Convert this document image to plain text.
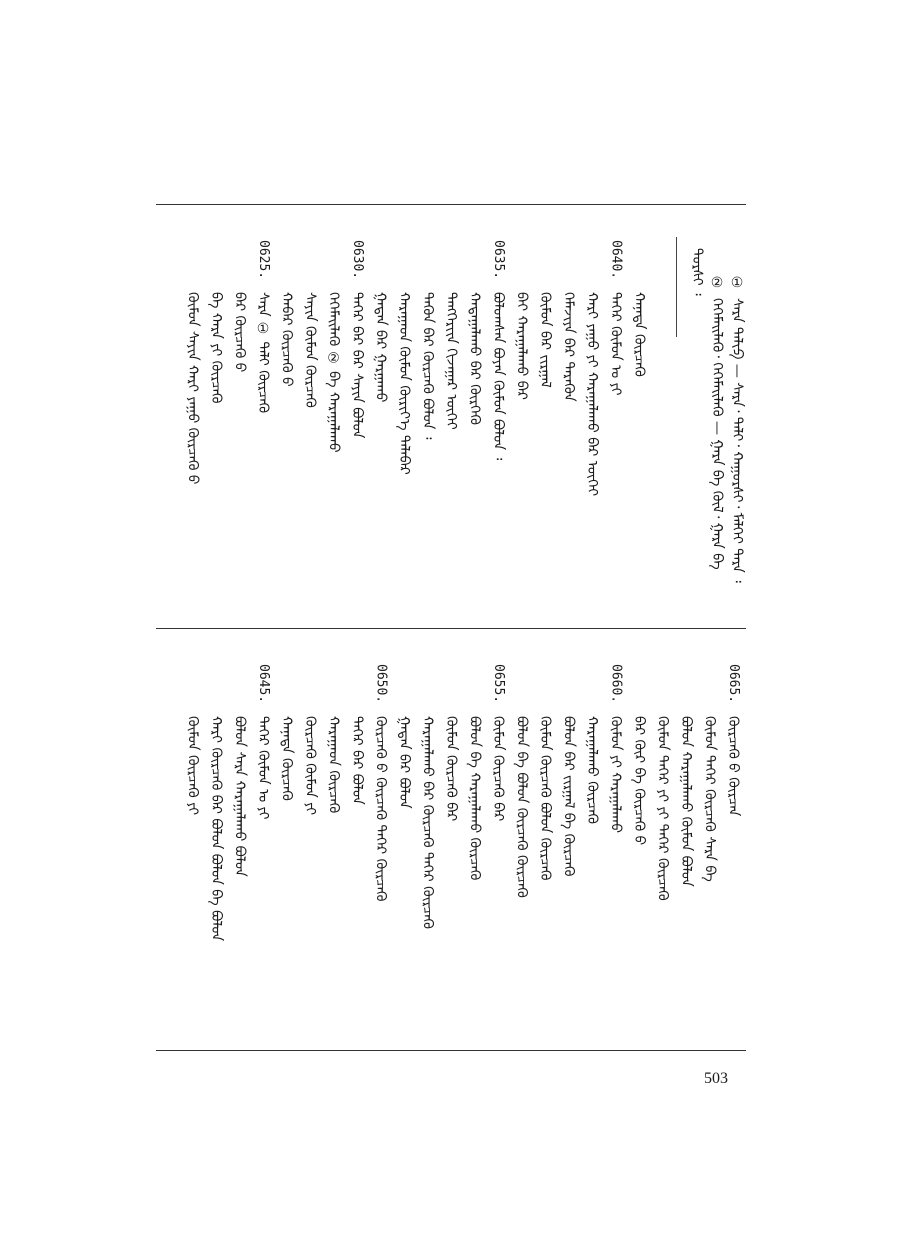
①
ᠰᠠᠷᠠ ᠲᠠᠯᠢᠫ — ᠰᠠᠷᠠ᠂ ᠲᠠᠯᠢ᠂ ᠬᠠᠭᠤᠷᠰᠢ᠂ ᠮᠡᠯᠬᠡᠢ ᠲᠡᠷᠡ ᠄
②
ᠬᠡᠭᠡᠮᠡᠢᠯᠡᠬᠦ᠂ ᠬᠡᠭᠡᠮᠡᠢᠯᠡᠬᠦ — ᠭᠠᠷᠠ ᠪᠠ ᠬᠦᠯ᠂ ᠭᠠᠷᠠ ᠪᠠ
ᠳᠤᠷᠰᠢ ᠄
ᠬᠠᠨᠠᠳᠠ ᠬᠦᠷᠴᠡᠬᠦ
0640.
ᠲᠡᠭᠡᠷ ᠬᠦᠮᠦᠨ ᠤ ᠶᠢ
ᠬᠠᠷᠢ ᠶᠠᠭᠤ ᠶᠢ ᠬᠠᠷᠠᠭᠠᠯᠠᠬᠤ ᠪᠠᠷ ᠦᠭᠡᠢ
ᠬᠡᠮᠡᠵᠢᠶᠡ ᠪᠡᠷ ᠲᠡᠷᠡᠭᠦᠨ
ᠬᠦᠮᠦᠨ ᠪᠡᠷ ᠵᠢᠷᠭᠠᠯ
ᠪᠠᠢ ᠬᠠᠷᠠᠭᠠᠯᠠᠬᠤ ᠪᠡᠷ
0635.
ᠪᠣᠯᠤᠭᠰᠠᠨ ᠪᠤᠶᠠᠨ ᠬᠦᠮᠦᠨ ᠪᠣᠯᠤᠨ ᠄
ᠬᠠᠳᠠᠭᠠᠯᠠᠬᠤ ᠪᠡᠷ ᠬᠦᠷᠭᠡᠬᠦ
ᠲᠡᠩᠭᠡᠷᠢᠢᠨ ᠬᠢᠵᠠᠭᠠᠷ ᠦᠭᠡᠢ
ᠲᠡᠭᠦᠨ ᠪᠡᠷ ᠬᠦᠷᠴᠡᠬᠦ ᠪᠣᠯᠤᠨ ᠄
ᠬᠠᠷᠠᠭᠠᠳ ᠬᠦᠮᠦᠨ ᠬᠦᠷᠢᠶ᠎ᠡ ᠲᠠᠯᠠᠪᠠᠷ
ᠭᠠᠳᠠᠨ ᠪᠡᠷ ᠭᠠᠷᠭᠠᠬᠤ
0630.
ᠲᠡᠭᠡᠷ ᠪᠡᠷ ᠪᠡᠷ ᠰᠠᠶᠢᠨ ᠪᠣᠯᠤᠨ
ᠬᠡᠭᠡᠮᠡᠢᠯᠡᠬᠦ ② ᠪᠠ ᠬᠠᠷᠠᠭᠠᠯᠠᠬᠤ
ᠰᠠᠶᠢᠨ ᠬᠦᠮᠦᠨ ᠬᠦᠷᠴᠡᠬᠦ
ᠬᠠᠪᠠᠷ ᠬᠦᠷᠴᠡᠬᠦ ᠪ
0625.
ᠰᠠᠷᠠ ① ᠲᠠᠯᠢ ᠬᠦᠷᠴᠡᠬᠦ
ᠪᠠᠷ ᠬᠦᠷᠴᠡᠬᠦ ᠪ
ᠪᠠ ᠬᠠᠷᠠ ᠶᠢ ᠬᠦᠷᠴᠡᠬᠦ
ᠬᠦᠮᠦᠨ ᠰᠠᠶᠢᠨ ᠬᠠᠷᠢ ᠶᠠᠭᠤ ᠬᠦᠷᠴᠡᠬᠦ ᠪ
0665.
ᠬᠦᠷᠴᠡᠬᠦ ᠪ ᠬᠦᠷᠴᠡᠨ
ᠬᠦᠮᠦᠨ ᠲᠡᠭᠡᠷ ᠬᠦᠷᠴᠡᠬᠦ ᠰᠠᠷᠠ ᠪᠠ
ᠪᠣᠯᠤᠨ ᠬᠠᠷᠠᠭᠠᠯᠠᠬᠤ ᠬᠦᠮᠦᠨ ᠪᠣᠯᠤᠨ
ᠬᠦᠮᠦᠨ ᠲᠡᠭᠡᠷ ᠶᠢ ᠶᠢ ᠲᠡᠭᠡᠷ ᠬᠦᠷᠴᠡᠬᠦ
ᠪᠠᠷ ᠬᠦᠷ ᠪᠠ ᠬᠦᠷᠴᠡᠬᠦ ᠪ
0660.
ᠬᠦᠮᠦᠨ ᠶᠢ ᠬᠠᠷᠠᠭᠠᠯᠠᠬᠤ
ᠬᠠᠷᠠᠭᠠᠯᠠᠬᠤ ᠬᠦᠷᠴᠡᠬᠦ
ᠪᠣᠯᠤᠨ ᠪᠡᠷ ᠵᠢᠷᠭᠠᠯ ᠪᠠ ᠬᠦᠷᠴᠡᠬᠦ
ᠬᠦᠮᠦᠨ ᠬᠦᠷᠴᠡᠬᠦ ᠪᠣᠯᠤᠨ ᠬᠦᠷᠴᠡᠬᠦ
ᠪᠣᠯᠤᠨ ᠪᠠ ᠪᠣᠯᠤᠨ ᠬᠦᠷᠴᠡᠬᠦ ᠬᠦᠷᠴᠡᠬᠦ
0655.
ᠬᠦᠮᠦᠨ ᠬᠦᠷᠴᠡᠬᠦ ᠪᠡᠷ
ᠪᠣᠯᠤᠨ ᠪᠠ ᠬᠠᠷᠠᠭᠠᠯᠠᠬᠤ ᠬᠦᠷᠴᠡᠬᠦ
ᠬᠦᠮᠦᠨ ᠬᠦᠷᠴᠡᠬᠦ ᠪᠡᠷ
ᠬᠠᠷᠠᠭᠠᠯᠠᠬᠤ ᠪᠡᠷ ᠬᠦᠷᠴᠡᠬᠦ ᠲᠡᠭᠡᠷ ᠬᠦᠷᠴᠡᠬᠦ
ᠭᠠᠳᠠᠨ ᠪᠡᠷ ᠪᠣᠯᠤᠨ
0650.
ᠬᠦᠷᠴᠡᠬᠦ ᠪ ᠬᠦᠷᠴᠡᠬᠦ ᠲᠡᠭᠡᠷ ᠬᠦᠷᠴᠡᠬᠦ
ᠲᠡᠭᠡᠷ ᠪᠡᠷ ᠪᠣᠯᠤᠨ
ᠬᠠᠷᠠᠭᠠᠳ ᠬᠦᠷᠴᠡᠬᠦ
ᠬᠦᠷᠴᠡᠬᠦ ᠬᠦᠮᠦᠨ ᠶᠢ
ᠬᠠᠨᠠᠳᠠ ᠬᠦᠷᠴᠡᠬᠦ
0645.
ᠲᠡᠭᠡᠷ ᠬᠦᠮᠦᠨ ᠤ ᠶᠢ
ᠪᠣᠯᠤᠨ ᠰᠠᠷᠠ ᠬᠠᠷᠠᠭᠠᠯᠠᠬᠤ ᠪᠣᠯᠤᠨ
ᠬᠠᠷᠢ ᠬᠦᠷᠴᠡᠬᠦ ᠪᠡᠷ ᠪᠣᠯᠤᠨ ᠪᠣᠯᠤᠨ ᠪᠠ ᠪᠣᠯᠤᠨ
ᠬᠦᠮᠦᠨ ᠬᠦᠷᠴᠡᠬᠦ ᠶᠢ
503
